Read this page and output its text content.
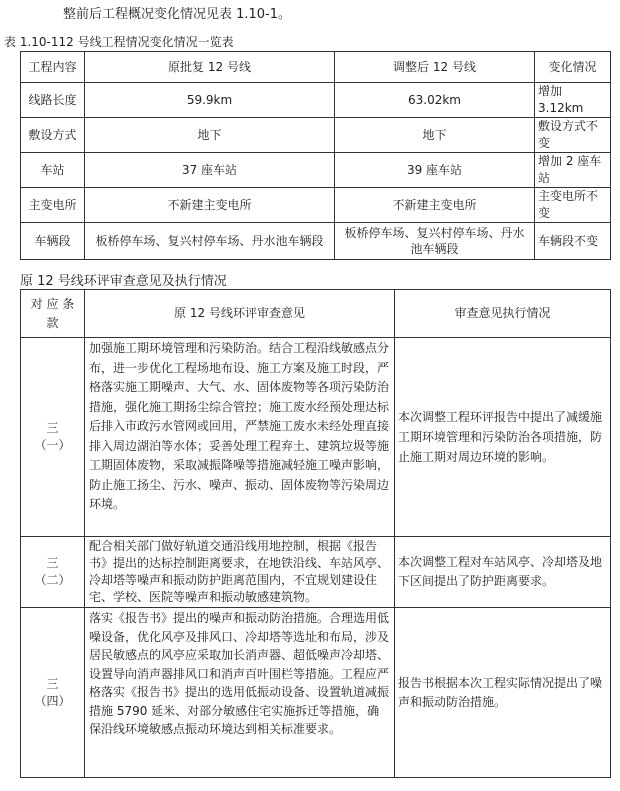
整前后工程概况变化情况见表 1.10-1。
表 1.10-112 号线工程情况变化情况一览表
工程内容	原批复 12 号线	调整后 12 号线	变化情况
线路长度	59.9km	63.02km	增加 3.12km
敷设方式	地下	地下	敷设方式不变
车站	37 座车站	39 座车站	增加 2 座车站
主变电所	不新建主变电所	不新建主变电所	主变电所不变
车辆段	板桥停车场、复兴村停车场、丹水池车辆段	板桥停车场、复兴村停车场、丹水池车辆段	车辆段不变
原 12 号线环评审查意见及执行情况
对 应 条款	原 12 号线环评审查意见	审查意见执行情况

三
（一）	加强施工期环境管理和污染防治。结合工程沿线敏感点分布，进一步优化工程场地布设、施工方案及施工时段，严格落实施工期噪声、大气、水、固体废物等各项污染防治措施，强化施工期扬尘综合管控；施工废水经预处理达标后排入市政污水管网或回用，严禁施工废水未经处理直接排入周边湖泊等水体；妥善处理工程弃土、建筑垃圾等施工期固体废物，采取减振降噪等措施减轻施工噪声影响，防止施工扬尘、污水、噪声、振动、固体废物等污染周边环境。	本次调整工程环评报告中提出了减缓施工期环境管理和污染防治各项措施，防止施工期对周边环境的影响。

三
（二）	配合相关部门做好轨道交通沿线用地控制，根据《报告书》提出的达标控制距离要求，在地铁沿线、车站风亭、冷却塔等噪声和振动防护距离范围内，不宜规划建设住宅、学校、医院等噪声和振动敏感建筑物。	本次调整工程对车站风亭、冷却塔及地下区间提出了防护距离要求。

三
（四）	落实《报告书》提出的噪声和振动防治措施。合理选用低噪设备，优化风亭及排风口、冷却塔等选址和布局，涉及居民敏感点的风亭应采取加长消声器、超低噪声冷却塔、设置导向消声器排风口和消声百叶围栏等措施。工程应严格落实《报告书》提出的选用低振动设备、设置轨道减振措施 5790 延米、对部分敏感住宅实施拆迁等措施，确保沿线环境敏感点振动环境达到相关标准要求。	报告书根据本次工程实际情况提出了噪声和振动防治措施。
